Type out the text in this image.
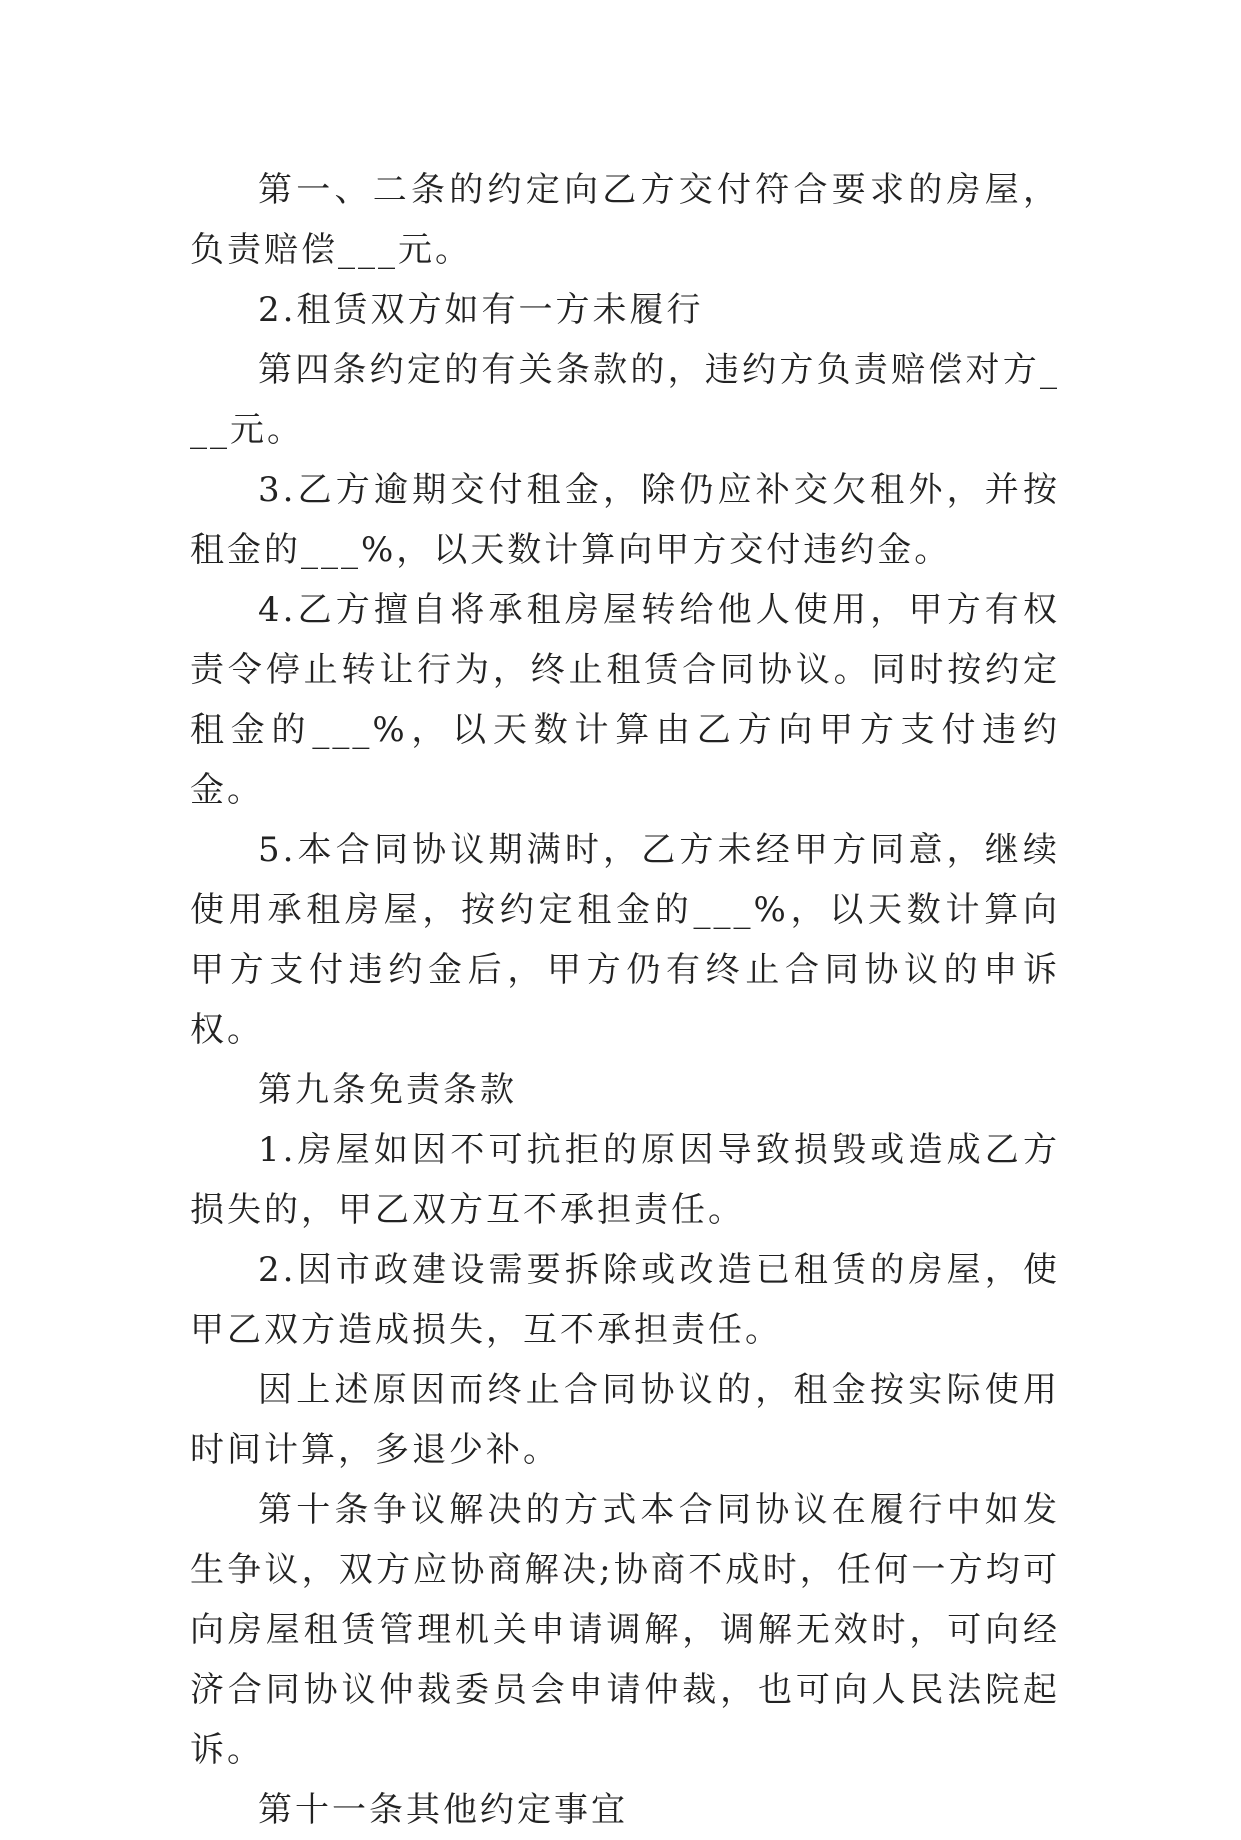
第一、二条的约定向乙方交付符合要求的房屋，负责赔偿___元。

2.租赁双方如有一方未履行

第四条约定的有关条款的，违约方负责赔偿对方___元。

3.乙方逾期交付租金，除仍应补交欠租外，并按租金的___%，以天数计算向甲方交付违约金。

4.乙方擅自将承租房屋转给他人使用，甲方有权责令停止转让行为，终止租赁合同协议。同时按约定租金的___%，以天数计算由乙方向甲方支付违约金。

5.本合同协议期满时，乙方未经甲方同意，继续使用承租房屋，按约定租金的___%，以天数计算向甲方支付违约金后，甲方仍有终止合同协议的申诉权。

第九条免责条款

1.房屋如因不可抗拒的原因导致损毁或造成乙方损失的，甲乙双方互不承担责任。

2.因市政建设需要拆除或改造已租赁的房屋，使甲乙双方造成损失，互不承担责任。

因上述原因而终止合同协议的，租金按实际使用时间计算，多退少补。

第十条争议解决的方式本合同协议在履行中如发生争议，双方应协商解决;协商不成时，任何一方均可向房屋租赁管理机关申请调解，调解无效时，可向经济合同协议仲裁委员会申请仲裁，也可向人民法院起诉。

第十一条其他约定事宜
